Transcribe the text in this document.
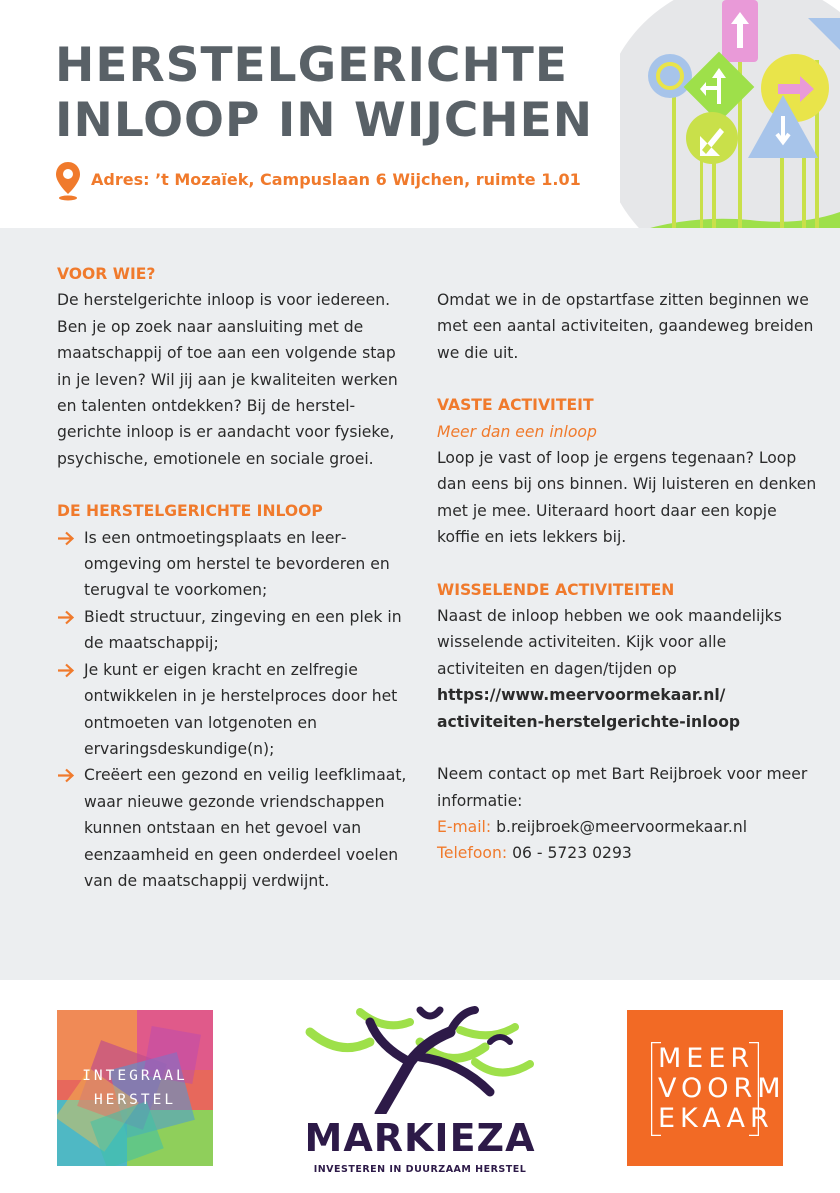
HERSTELGERICHTE
INLOOP IN WIJCHEN
Adres: ’t Mozaïek, Campuslaan 6 Wijchen, ruimte 1.01
VOOR WIE?

De herstelgerichte inloop is voor iedereen. Ben je op zoek naar aansluiting met de maatschappij of toe aan een volgende stap in je leven? Wil jij aan je kwaliteiten werken en talenten ontdekken? Bij de herstelgerichte inloop is er aandacht voor fysieke, psychische, emotionele en sociale groei.

DE HERSTELGERICHTE INLOOP
Is een ontmoetingsplaats en leeromgeving om herstel te bevorderen en terugval te voorkomen;
Biedt structuur, zingeving en een plek in de maatschappij;
Je kunt er eigen kracht en zelfregie ontwikkelen in je herstelproces door het ontmoeten van lotgenoten en ervaringsdeskundige(n);
Creëert een gezond en veilig leefklimaat, waar nieuwe gezonde vriendschappen kunnen ontstaan en het gevoel van eenzaamheid en geen onderdeel voelen van de maatschappij verdwijnt.

Omdat we in de opstartfase zitten beginnen we met een aantal activiteiten, gaandeweg breiden we die uit.

VASTE ACTIVITEIT
Meer dan een inloop

Loop je vast of loop je ergens tegenaan? Loop dan eens bij ons binnen. Wij luisteren en denken met je mee. Uiteraard hoort daar een kopje koffie en iets lekkers bij.

WISSELENDE ACTIVITEITEN

Naast de inloop hebben we ook maandelijks wisselende activiteiten. Kijk voor alle activiteiten en dagen/tijden op

https://www.meervoormekaar.nl/

activiteiten-herstelgerichte-inloop

Neem contact op met Bart Reijbroek voor meer informatie:

E-mail: b.reijbroek@meervoormekaar.nl

Telefoon: 06 - 5723 0293

INTEGRAAL
HERSTEL
MARKIEZA
INVESTEREN IN DUURZAAM HERSTEL
MEER
VOORM
EKAAR
